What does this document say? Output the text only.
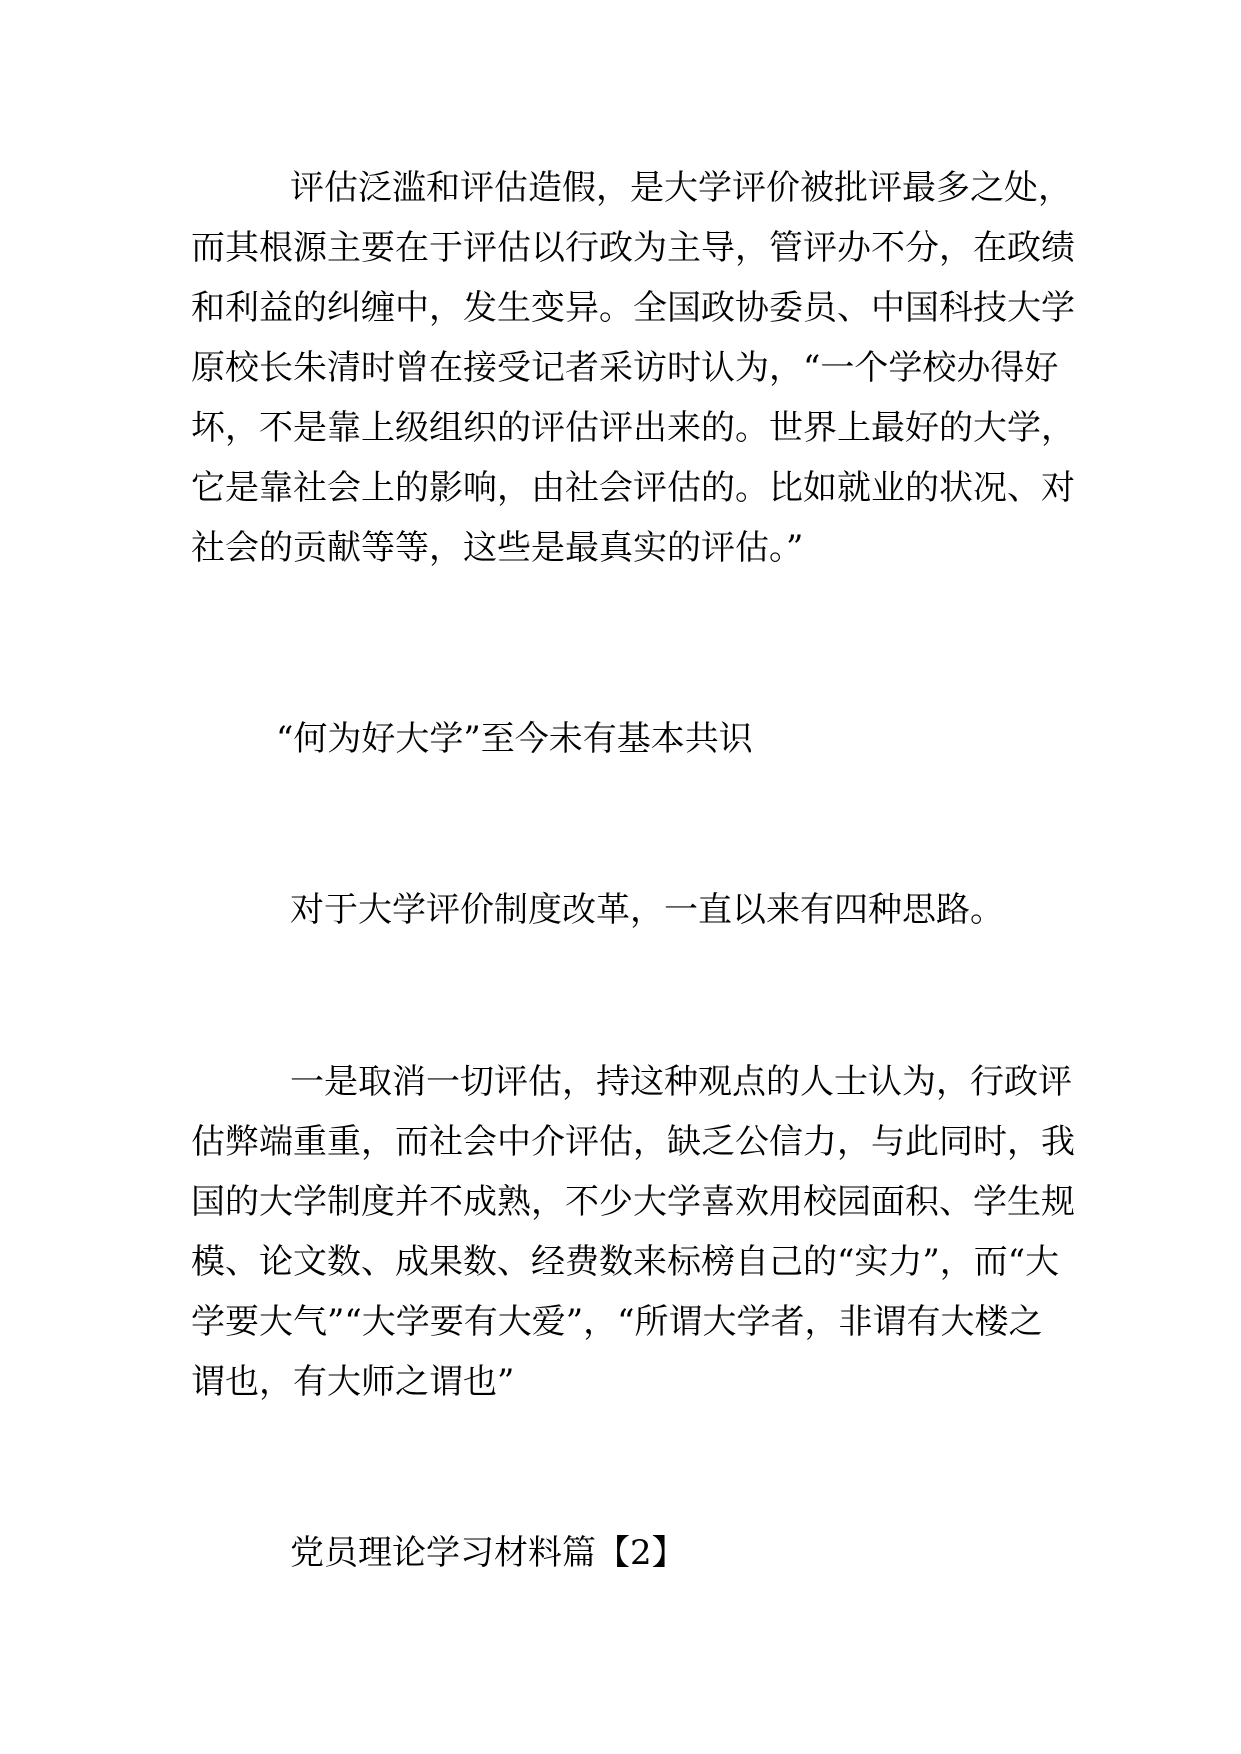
评估泛滥和评估造假，是大学评价被批评最多之处，

而其根源主要在于评估以行政为主导，管评办不分，在政绩

和利益的纠缠中，发生变异。全国政协委员、中国科技大学

原校长朱清时曾在接受记者采访时认为，“一个学校办得好

坏，不是靠上级组织的评估评出来的。世界上最好的大学，

它是靠社会上的影响，由社会评估的。比如就业的状况、对

社会的贡献等等，这些是最真实的评估。”

“何为好大学”至今未有基本共识

对于大学评价制度改革，一直以来有四种思路。

一是取消一切评估，持这种观点的人士认为，行政评

估弊端重重，而社会中介评估，缺乏公信力，与此同时，我

国的大学制度并不成熟，不少大学喜欢用校园面积、学生规

模、论文数、成果数、经费数来标榜自己的“实力”，而“大

学要大气”“大学要有大爱”，“所谓大学者，非谓有大楼之

谓也，有大师之谓也”

党员理论学习材料篇【2】
